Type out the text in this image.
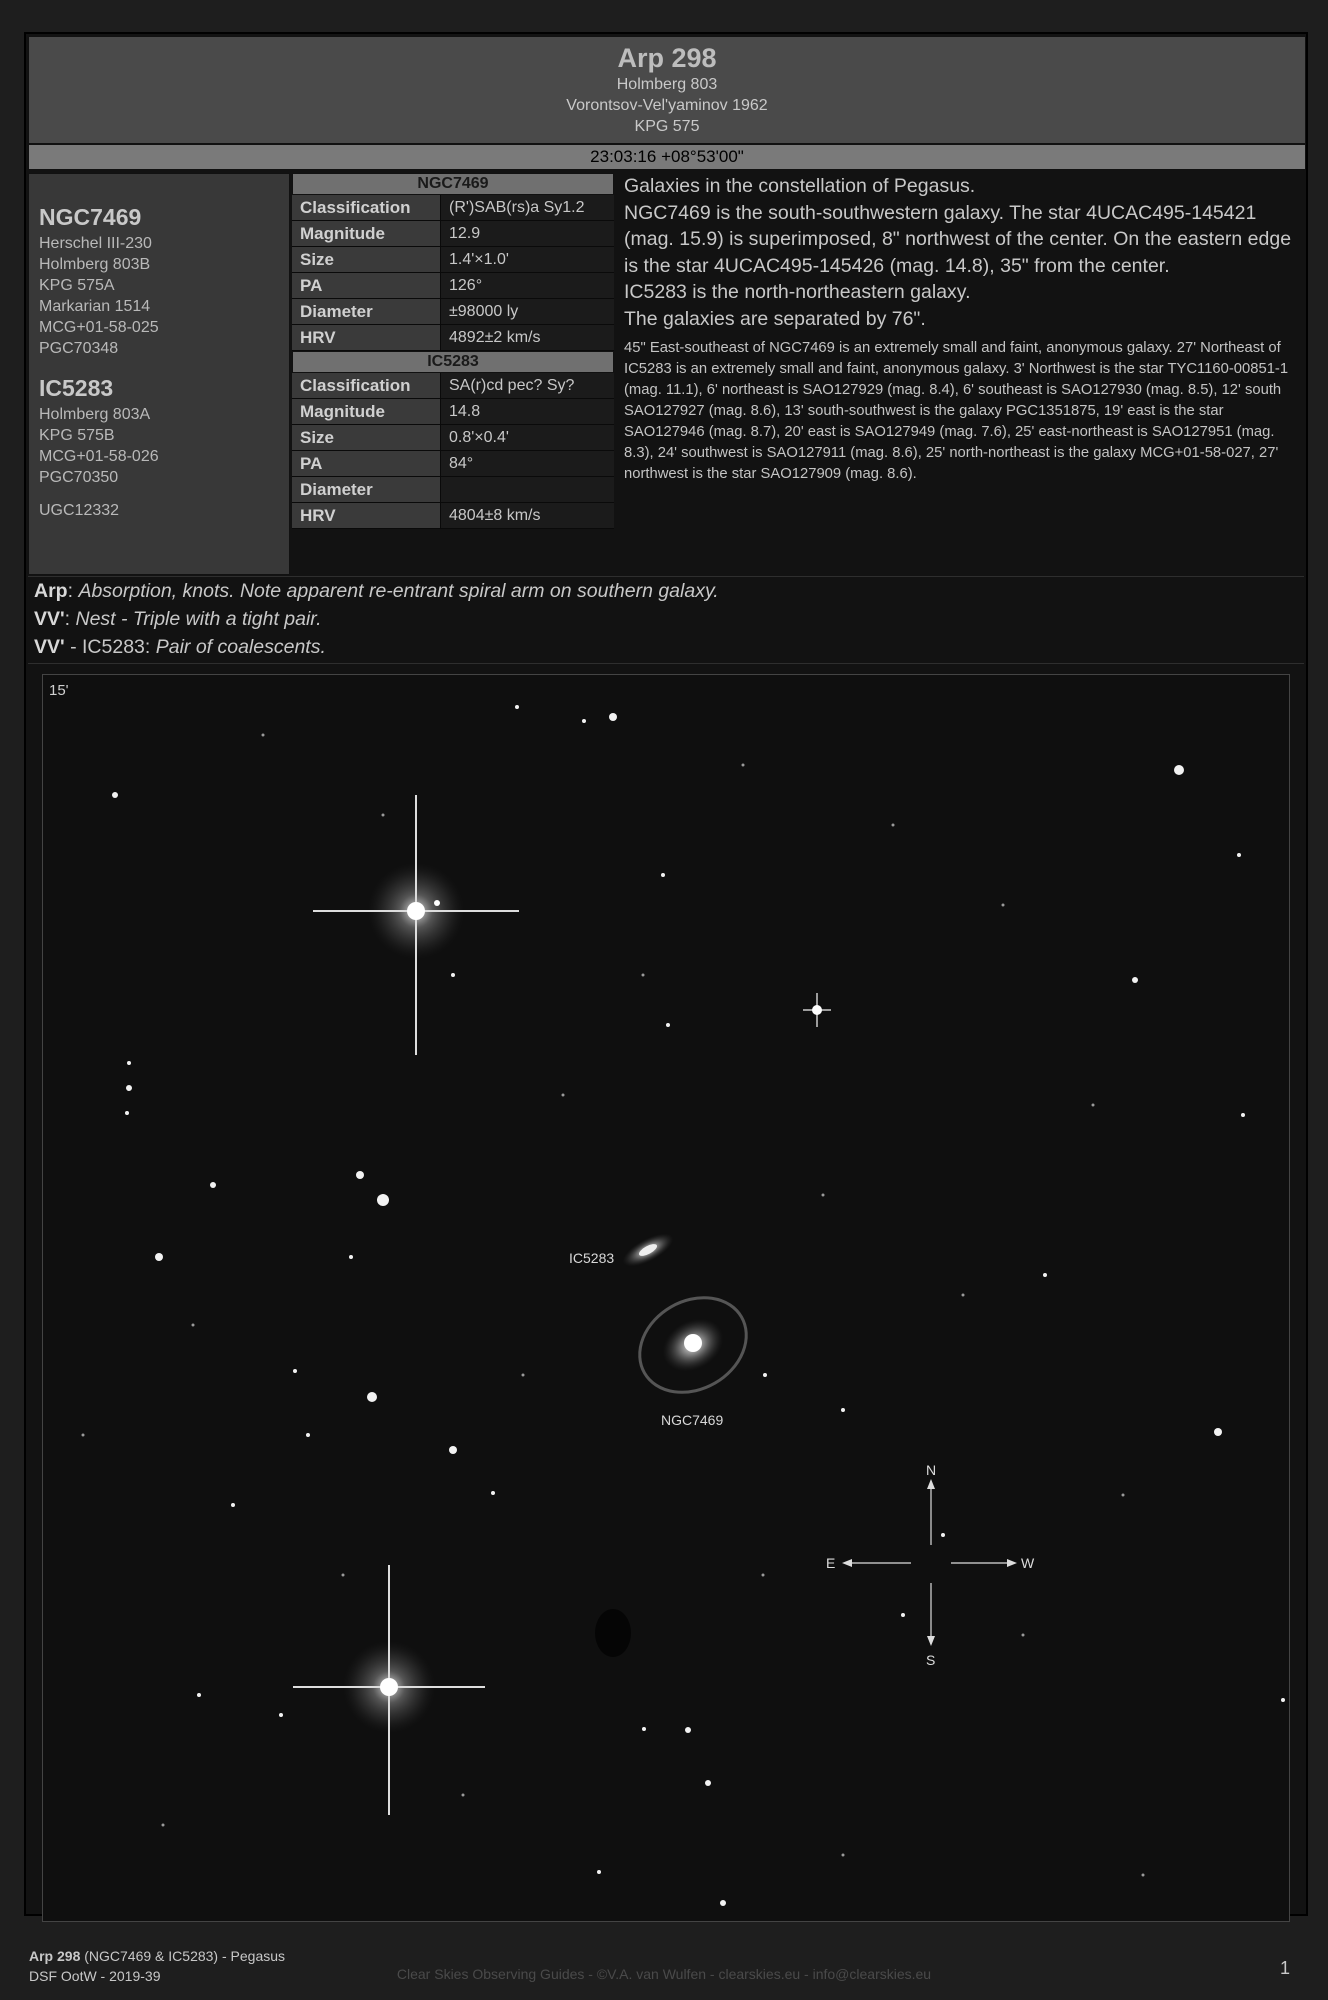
Arp 298
Holmberg 803
Vorontsov-Vel'yaminov 1962
KPG 575
23:03:16 +08°53'00"
NGC7469
Herschel III-230
Holmberg 803B
KPG 575A
Markarian 1514
MCG+01-58-025
PGC70348
IC5283
Holmberg 803A
KPG 575B
MCG+01-58-026
PGC70350
UGC12332
NGC7469
Classification	(R')SAB(rs)a Sy1.2
Magnitude	12.9
Size	1.4'×1.0'
PA	126°
Diameter	±98000 ly
HRV	4892±2 km/s
IC5283
Classification	SA(r)cd pec? Sy?
Magnitude	14.8
Size	0.8'×0.4'
PA	84°
Diameter
HRV	4804±8 km/s

Galaxies in the constellation of Pegasus.

NGC7469 is the south-southwestern galaxy. The star 4UCAC495-145421 (mag. 15.9) is superimposed, 8" northwest of the center. On the eastern edge is the star 4UCAC495-145426 (mag. 14.8), 35" from the center.

IC5283 is the north-northeastern galaxy.

The galaxies are separated by 76".

45" East-southeast of NGC7469 is an extremely small and faint, anonymous galaxy. 27' Northeast of IC5283 is an extremely small and faint, anonymous galaxy. 3' Northwest is the star TYC1160-00851-1 (mag. 11.1), 6' northeast is SAO127929 (mag. 8.4), 6' southeast is SAO127930 (mag. 8.5), 12' south SAO127927 (mag. 8.6), 13' south-southwest is the galaxy PGC1351875, 19' east is the star SAO127946 (mag. 8.7), 20' east is SAO127949 (mag. 7.6), 25' east-northeast is SAO127951 (mag. 8.3), 24' southwest is SAO127911 (mag. 8.6), 25' north-northeast is the galaxy MCG+01-58-027, 27' northwest is the star SAO127909 (mag. 8.6).
Arp: Absorption, knots. Note apparent re-entrant spiral arm on southern galaxy.
VV': Nest - Triple with a tight pair.
VV' - IC5283: Pair of coalescents.
15'
IC5283
NGC7469
N
S
E	W
Arp 298 (NGC7469 & IC5283) - Pegasus
DSF OotW - 2019-39	Clear Skies Observing Guides - ©V.A. van Wulfen - clearskies.eu - info@clearskies.eu	1
